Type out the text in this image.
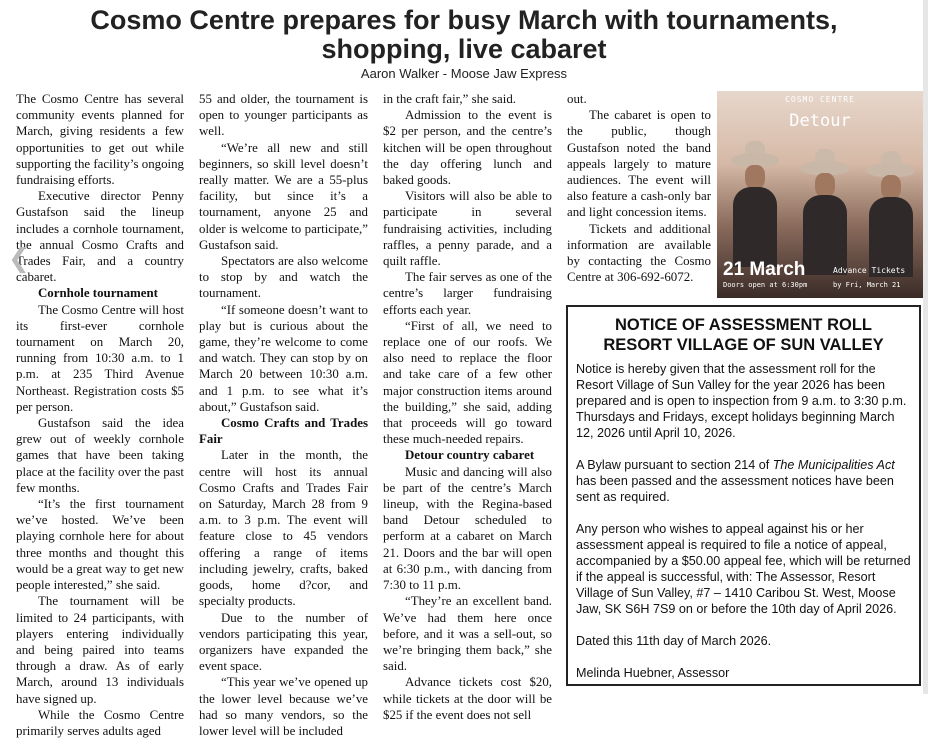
Cosmo Centre prepares for busy March with tournaments,
shopping, live cabaret
Aaron Walker - Moose Jaw Express

The Cosmo Centre has several community events planned for March, giving residents a few opportunities to get out while supporting the facility’s ongoing fundraising efforts.

Executive director Penny Gustafson said the lineup includes a cornhole tournament, the annual Cosmo Crafts and Trades Fair, and a country cabaret.

Cornhole tournament

The Cosmo Centre will host its first-ever cornhole tournament on March 20, running from 10:30 a.m. to 1 p.m. at 235 Third Avenue Northeast. Registration costs $5 per person.

Gustafson said the idea grew out of weekly cornhole games that have been taking place at the facility over the past few months.

“It’s the first tournament we’ve hosted. We’ve been playing cornhole here for about three months and thought this would be a great way to get new people interested,” she said.

The tournament will be limited to 24 participants, with players entering individually and being paired into teams through a draw. As of early March, around 13 individuals have signed up.

While the Cosmo Centre primarily serves adults aged

55 and older, the tournament is open to younger participants as well.

“We’re all new and still beginners, so skill level doesn’t really matter. We are a 55-plus facility, but since it’s a tournament, anyone 25 and older is welcome to participate,” Gustafson said.

Spectators are also welcome to stop by and watch the tournament.

“If someone doesn’t want to play but is curious about the game, they’re welcome to come and watch. They can stop by on March 20 between 10:30 a.m. and 1 p.m. to see what it’s about,” Gustafson said.

Cosmo Crafts and Trades Fair

Later in the month, the centre will host its annual Cosmo Crafts and Trades Fair on Saturday, March 28 from 9 a.m. to 3 p.m. The event will feature close to 45 vendors offering a range of items including jewelry, crafts, baked goods, home d?cor, and specialty products.

Due to the number of vendors participating this year, organizers have expanded the event space.

“This year we’ve opened up the lower level because we’ve had so many vendors, so the lower level will be included

in the craft fair,” she said.

Admission to the event is $2 per person, and the centre’s kitchen will be open throughout the day offering lunch and baked goods.

Visitors will also be able to participate in several fundraising activities, including raffles, a penny parade, and a quilt raffle.

The fair serves as one of the centre’s larger fundraising efforts each year.

“First of all, we need to replace one of our roofs. We also need to replace the floor and take care of a few other major construction items around the building,” she said, adding that proceeds will go toward these much-needed repairs.

Detour country cabaret

Music and dancing will also be part of the centre’s March lineup, with the Regina-based band Detour scheduled to perform at a cabaret on March 21. Doors and the bar will open at 6:30 p.m., with dancing from 7:30 to 11 p.m.

“They’re an excellent band. We’ve had them here once before, and it was a sell-out, so we’re bringing them back,” she said.

Advance tickets cost $20, while tickets at the door will be $25 if the event does not sell

out.

The cabaret is open to the public, though Gustafson noted the band appeals largely to mature audiences. The event will also feature a cash-only bar and light concession items.

Tickets and additional information are available by contacting the Cosmo Centre at 306-692-6072.

COSMO CENTRE
Detour
21 March
Doors open at 6:30pm
Advance Tickets
by Fri, March 21
NOTICE OF ASSESSMENT ROLL
RESORT VILLAGE OF SUN VALLEY

Notice is hereby given that the assessment roll for the Resort Village of Sun Valley for the year 2026 has been prepared and is open to inspection from 9 a.m. to 3:30 p.m. Thursdays and Fridays, except holidays beginning March 12, 2026 until April 10, 2026.

A Bylaw pursuant to section 214 of The Municipalities Act has been passed and the assessment notices have been sent as required.

Any person who wishes to appeal against his or her assessment appeal is required to file a notice of appeal, accompanied by a $50.00 appeal fee, which will be returned if the appeal is successful, with: The Assessor, Resort Village of Sun Valley, #7 – 1410 Caribou St. West, Moose Jaw, SK S6H 7S9 on or before the 10th day of April 2026.

Dated this 11th day of March 2026.

Melinda Huebner, Assessor

❮
